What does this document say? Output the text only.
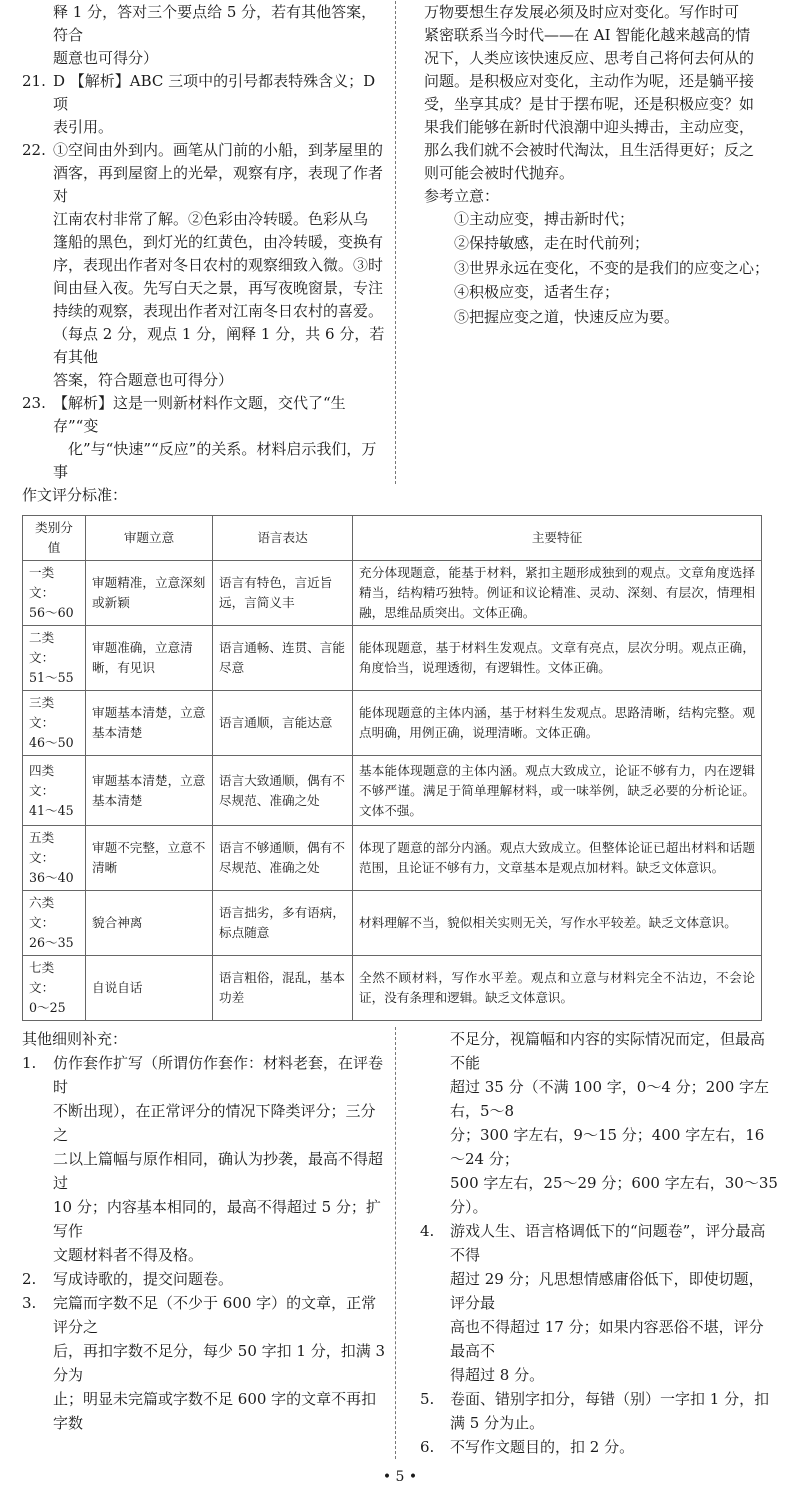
释 1 分，答对三个要点给 5 分，若有其他答案，符合
题意也可得分）
21. D 【解析】ABC 三项中的引号都表特殊含义；D 项
表引用。
22. ①空间由外到内。画笔从门前的小船，到茅屋里的
酒客，再到屋窗上的光晕，观察有序，表现了作者对
江南农村非常了解。②色彩由冷转暖。色彩从乌
篷船的黑色，到灯光的红黄色，由冷转暖，变换有
序，表现出作者对冬日农村的观察细致入微。③时
间由昼入夜。先写白天之景，再写夜晚窗景，专注
持续的观察，表现出作者对江南冬日农村的喜爱。
（每点 2 分，观点 1 分，阐释 1 分，共 6 分，若有其他
答案，符合题意也可得分）
23. 【解析】这是一则新材料作文题，交代了“生存”“变
　化”与“快速”“反应”的关系。材料启示我们，万事
万物要想生存发展必须及时应对变化。写作时可
紧密联系当今时代——在 AI 智能化越来越高的情
况下，人类应该快速反应、思考自己将何去何从的
问题。是积极应对变化，主动作为呢，还是躺平接
受，坐享其成？是甘于摆布呢，还是积极应变？如
果我们能够在新时代浪潮中迎头搏击，主动应变，
那么我们就不会被时代淘汰，且生活得更好；反之
则可能会被时代抛弃。
参考立意：
①主动应变，搏击新时代；
②保持敏感，走在时代前列；
③世界永远在变化，不变的是我们的应变之心；
④积极应变，适者生存；
⑤把握应变之道，快速反应为要。
作文评分标准：
类别分值	审题立意	语言表达	主要特征

一类文：
56～60	审题精准，立意深刻或新颖	语言有特色，言近旨远，言简义丰	充分体现题意，能基于材料，紧扣主题形成独到的观点。文章角度选择精当，结构精巧独特。例证和议论精准、灵动、深刻、有层次，情理相融，思维品质突出。文体正确。

二类文：
51～55	审题准确，立意清晰，有见识	语言通畅、连贯、言能尽意	能体现题意，基于材料生发观点。文章有亮点，层次分明。观点正确，角度恰当，说理透彻，有逻辑性。文体正确。

三类文：
46～50	审题基本清楚，立意基本清楚	语言通顺，言能达意	能体现题意的主体内涵，基于材料生发观点。思路清晰，结构完整。观点明确，用例正确，说理清晰。文体正确。

四类文：
41～45	审题基本清楚，立意基本清楚	语言大致通顺，偶有不尽规范、准确之处	基本能体现题意的主体内涵。观点大致成立，论证不够有力，内在逻辑不够严谨。满足于简单理解材料，或一味举例，缺乏必要的分析论证。文体不强。

五类文：
36～40	审题不完整，立意不清晰	语言不够通顺，偶有不尽规范、准确之处	体现了题意的部分内涵。观点大致成立。但整体论证已超出材料和话题范围，且论证不够有力，文章基本是观点加材料。缺乏文体意识。

六类文：
26～35	貌合神离	语言拙劣，多有语病，标点随意	材料理解不当，貌似相关实则无关，写作水平较差。缺乏文体意识。

七类文：
0～25	自说自话	语言粗俗，混乱，基本功差	全然不顾材料，写作水平差。观点和立意与材料完全不沾边，不会论证，没有条理和逻辑。缺乏文体意识。
其他细则补充：
1. 仿作套作扩写（所谓仿作套作：材料老套，在评卷时
不断出现），在正常评分的情况下降类评分；三分之
二以上篇幅与原作相同，确认为抄袭，最高不得超过
10 分；内容基本相同的，最高不得超过 5 分；扩写作
文题材料者不得及格。
2. 写成诗歌的，提交问题卷。
3. 完篇而字数不足（不少于 600 字）的文章，正常评分之
后，再扣字数不足分，每少 50 字扣 1 分，扣满 3 分为
止；明显未完篇或字数不足 600 字的文章不再扣字数
不足分，视篇幅和内容的实际情况而定，但最高不能
超过 35 分（不满 100 字，0～4 分；200 字左右，5～8
分；300 字左右，9～15 分；400 字左右，16～24 分；
500 字左右，25～29 分；600 字左右，30～35 分）。
4. 游戏人生、语言格调低下的“问题卷”，评分最高不得
超过 29 分；凡思想情感庸俗低下，即使切题，评分最
高也不得超过 17 分；如果内容恶俗不堪，评分最高不
得超过 8 分。
5. 卷面、错别字扣分，每错（别）一字扣 1 分，扣满 5 分为止。
6. 不写作文题目的，扣 2 分。
• 5 •
